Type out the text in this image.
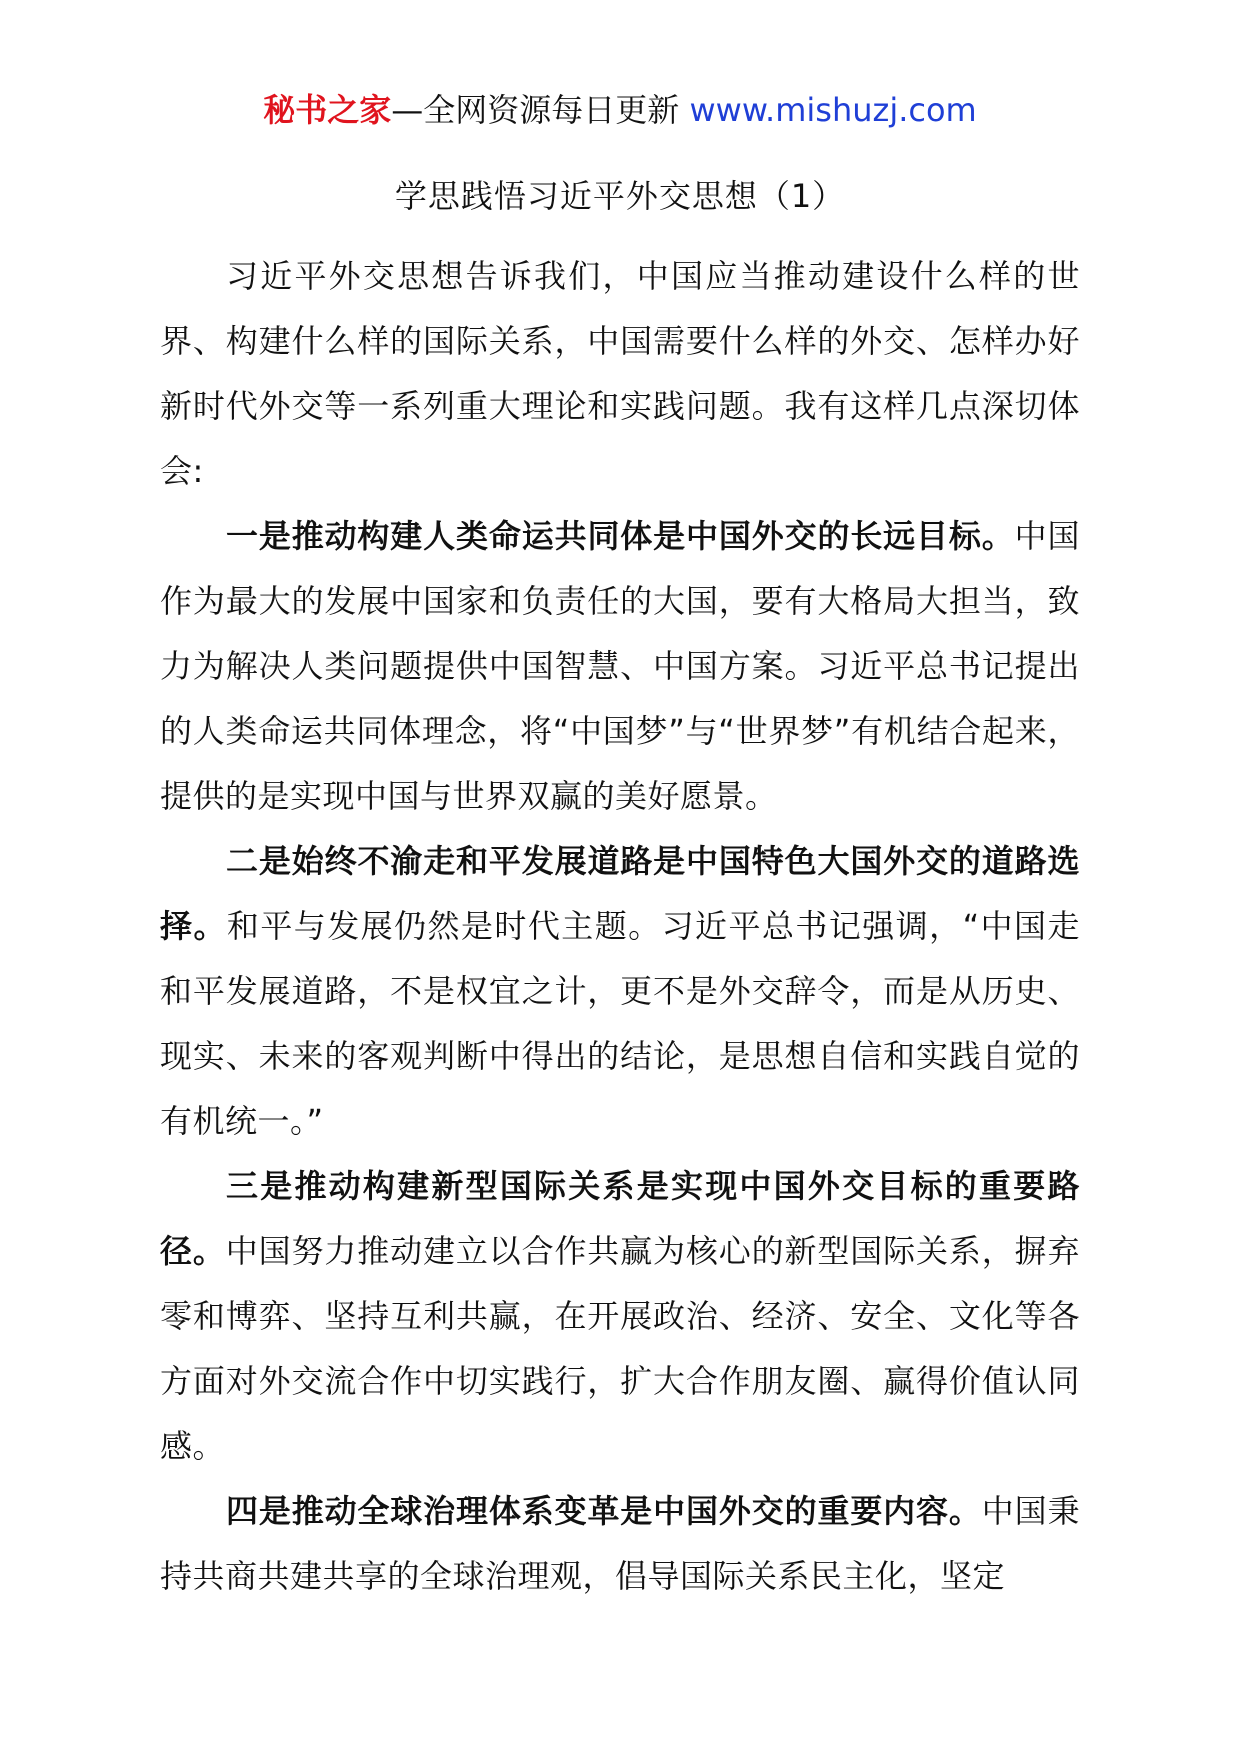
秘书之家—全网资源每日更新 www.mishuzj.com
学思践悟习近平外交思想（1）

习近平外交思想告诉我们，中国应当推动建设什么样的世界、构建什么样的国际关系，中国需要什么样的外交、怎样办好新时代外交等一系列重大理论和实践问题。我有这样几点深切体会:

一是推动构建人类命运共同体是中国外交的长远目标。中国作为最大的发展中国家和负责任的大国，要有大格局大担当，致力为解决人类问题提供中国智慧、中国方案。习近平总书记提出的人类命运共同体理念，将“中国梦”与“世界梦”有机结合起来，提供的是实现中国与世界双赢的美好愿景。

二是始终不渝走和平发展道路是中国特色大国外交的道路选择。和平与发展仍然是时代主题。习近平总书记强调，“中国走和平发展道路，不是权宜之计，更不是外交辞令，而是从历史、现实、未来的客观判断中得出的结论，是思想自信和实践自觉的有机统一。”

三是推动构建新型国际关系是实现中国外交目标的重要路径。中国努力推动建立以合作共赢为核心的新型国际关系，摒弃零和博弈、坚持互利共赢，在开展政治、经济、安全、文化等各方面对外交流合作中切实践行，扩大合作朋友圈、赢得价值认同感。

四是推动全球治理体系变革是中国外交的重要内容。中国秉持共商共建共享的全球治理观，倡导国际关系民主化，坚定
